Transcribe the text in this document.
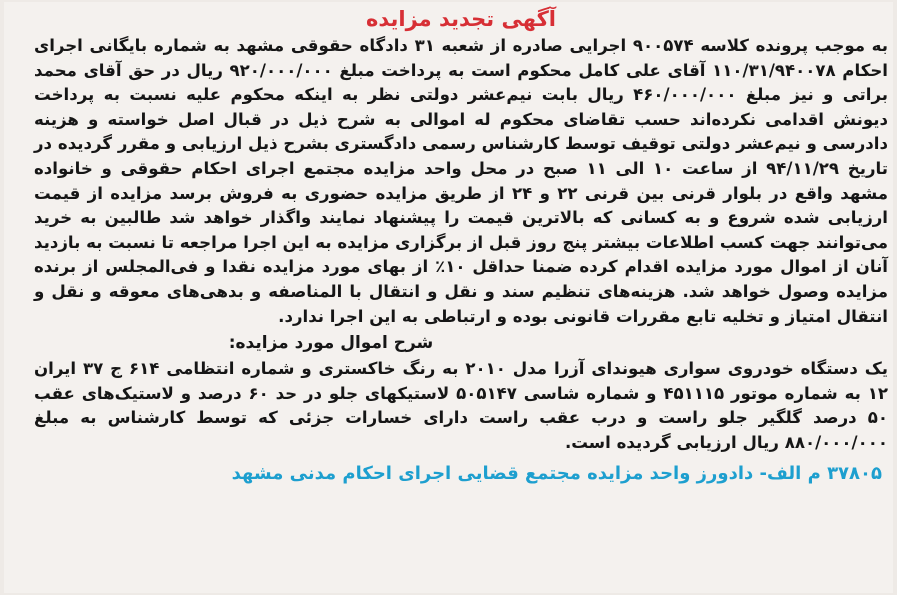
آگهی تجدید مزایده

به موجب پرونده کلاسه ۹۰۰۵۷۴ اجرایی صادره از شعبه ۳۱ دادگاه حقوقی مشهد به شماره بایگانی اجرای احکام ۱۱۰/۳۱/۹۴۰۰۷۸ آقای علی کامل محکوم است به پرداخت مبلغ ۹۲۰/۰۰۰/۰۰۰ ریال در حق آقای محمد براتی و نیز مبلغ ۴۶۰/۰۰۰/۰۰۰ ریال بابت نیم‌عشر دولتی نظر به اینکه محکوم علیه نسبت به پرداخت دیونش اقدامی نکرده‌اند حسب تقاضای محکوم له اموالی به شرح ذیل در قبال اصل خواسته و هزینه دادرسی و نیم‌عشر دولتی توقیف توسط کارشناس رسمی دادگستری بشرح ذیل ارزیابی و مقرر گردیده در تاریخ ۹۴/۱۱/۲۹ از ساعت ۱۰ الی ۱۱ صبح در محل واحد مزایده مجتمع اجرای احکام حقوقی و خانواده مشهد واقع در بلوار قرنی بین قرنی ۲۲ و ۲۴ از طریق مزایده حضوری به فروش برسد مزایده از قیمت ارزیابی شده شروع و به کسانی که بالاترین قیمت را پیشنهاد نمایند واگذار خواهد شد طالبین به خرید می‌توانند جهت کسب اطلاعات بیشتر پنج روز قبل از برگزاری مزایده به این اجرا مراجعه تا نسبت به بازدید آنان از اموال مورد مزایده اقدام کرده ضمنا حداقل ۱۰٪ از بهای مورد مزایده نقدا و فی‌المجلس از برنده مزایده وصول خواهد شد. هزینه‌های تنظیم سند و نقل و انتقال با المناصفه و بدهی‌های معوقه و نقل و انتقال امتیاز و تخلیه تابع مقررات قانونی بوده و ارتباطی به این اجرا ندارد.

شرح اموال مورد مزایده:

یک دستگاه خودروی سواری هیوندای آزرا مدل ۲۰۱۰ به رنگ خاکستری و شماره انتظامی ۶۱۴ ج ۳۷ ایران ۱۲ به شماره موتور ۴۵۱۱۱۵ و شماره شاسی ۵۰۵۱۴۷ لاستیکهای جلو در حد ۶۰ درصد و لاستیک‌های عقب ۵۰ درصد گلگیر جلو راست و درب عقب راست دارای خسارات جزئی که توسط کارشناس به مبلغ ۸۸۰/۰۰۰/۰۰۰ ریال ارزیابی گردیده است.

۳۷۸۰۵ م الف- دادورز واحد مزایده مجتمع قضایی اجرای احکام مدنی مشهد
